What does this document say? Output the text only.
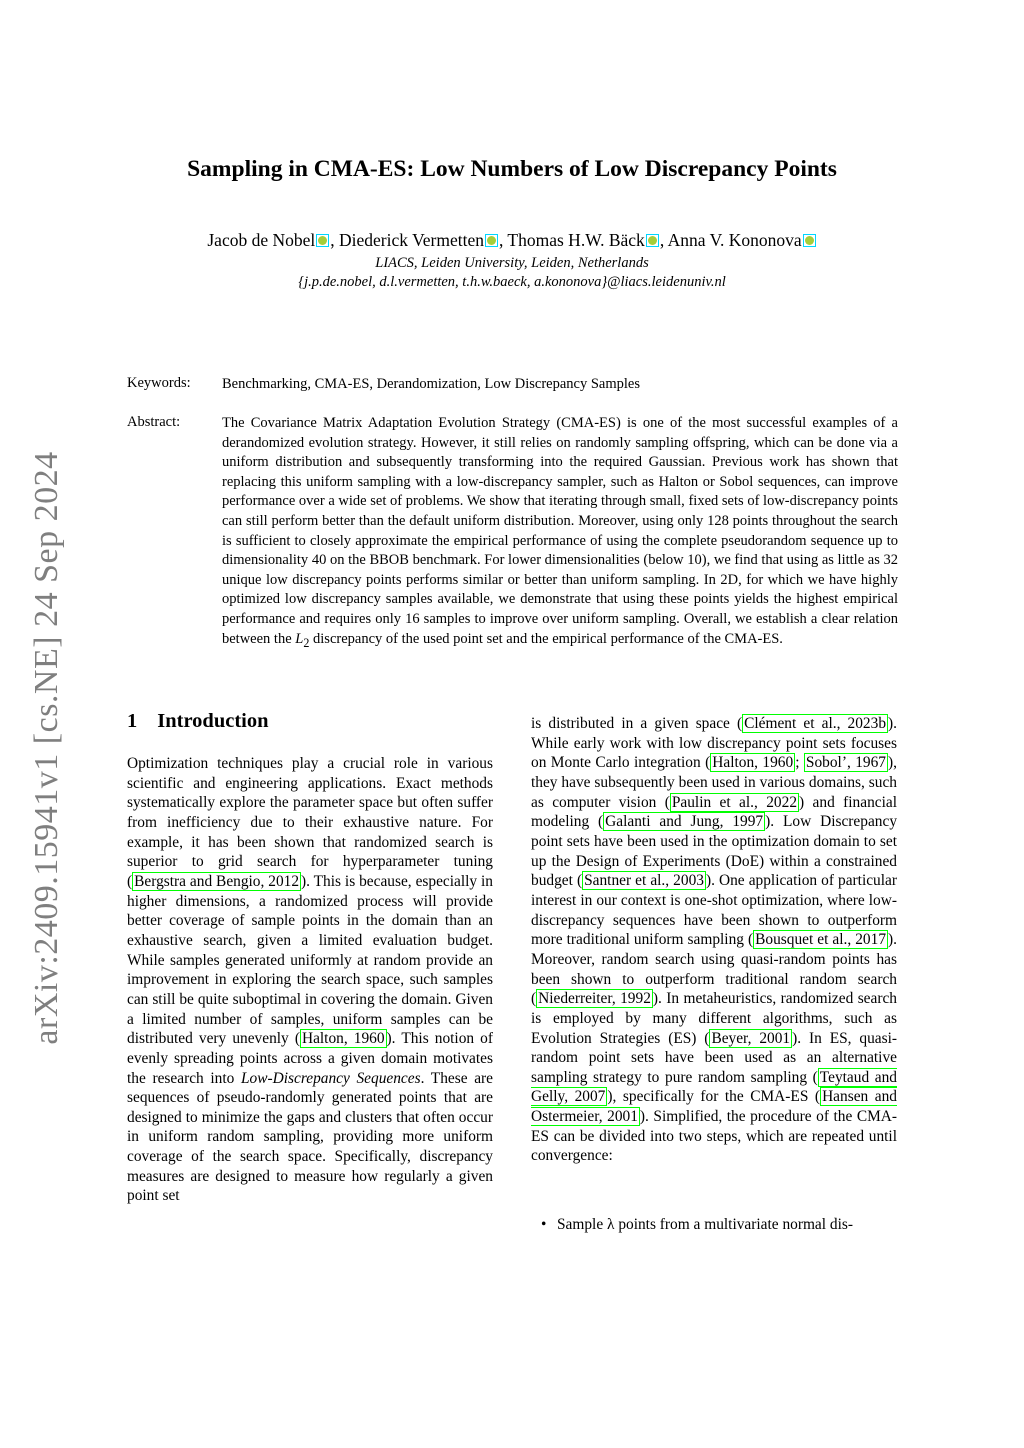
arXiv:2409.15941v1 [cs.NE] 24 Sep 2024
Sampling in CMA-ES: Low Numbers of Low Discrepancy Points
Jacob de Nobel , Diederick Vermetten , Thomas H.W. Bäck , Anna V. Kononova
LIACS, Leiden University, Leiden, Netherlands
{j.p.de.nobel, d.l.vermetten, t.h.w.baeck, a.kononova}@liacs.leidenuniv.nl
Keywords: Benchmarking, CMA-ES, Derandomization, Low Discrepancy Samples
Abstract:	The Covariance Matrix Adaptation Evolution Strategy (CMA-ES) is one of the most successful examples of a derandomized evolution strategy. However, it still relies on randomly sampling offspring, which can be done via a uniform distribution and subsequently transforming into the required Gaussian. Previous work has shown that replacing this uniform sampling with a low-discrepancy sampler, such as Halton or Sobol sequences, can improve performance over a wide set of problems. We show that iterating through small, fixed sets of low-discrepancy points can still perform better than the default uniform distribution. Moreover, using only 128 points throughout the search is sufficient to closely approximate the empirical performance of using the complete pseudorandom sequence up to dimensionality 40 on the BBOB benchmark. For lower dimensionalities (below 10), we find that using as little as 32 unique low discrepancy points performs similar or better than uniform sampling. In 2D, for which we have highly optimized low discrepancy samples available, we demonstrate that using these points yields the highest empirical performance and requires only 16 samples to improve over uniform sampling. Overall, we establish a clear relation between the $L_2$ discrepancy of the used point set and the empirical performance of the CMA-ES.
1 Introduction

Optimization techniques play a crucial role in various scientific and engineering applications. Exact methods systematically explore the parameter space but often suffer from inefficiency due to their exhaustive nature. For example, it has been shown that randomized search is superior to grid search for hyperparameter tuning ( Bergstra and Bengio, 2012 ). This is because, especially in higher dimensions, a randomized process will provide better coverage of sample points in the domain than an exhaustive search, given a limited evaluation budget. While samples generated uniformly at random provide an improvement in exploring the search space, such samples can still be quite suboptimal in covering the domain. Given a limited number of samples, uniform samples can be distributed very unevenly ( Halton, 1960 ). This notion of evenly spreading points across a given domain motivates the research into Low-Discrepancy Sequences. These are sequences of pseudo-randomly generated points that are designed to minimize the gaps and clusters that often occur in uniform random sampling, providing more uniform coverage of the search space. Specifically, discrepancy measures are designed to measure how regularly a given point set

is distributed in a given space ( Clément et al., 2023b ). While early work with low discrepancy point sets focuses on Monte Carlo integration ( Halton, 1960 ; Sobol’, 1967 ), they have subsequently been used in various domains, such as computer vision ( Paulin et al., 2022 ) and financial modeling ( Galanti and Jung, 1997 ). Low Discrepancy point sets have been used in the optimization domain to set up the Design of Experiments (DoE) within a constrained budget ( Santner et al., 2003 ). One application of particular interest in our context is one-shot optimization, where low-discrepancy sequences have been shown to outperform more traditional uniform sampling ( Bousquet et al., 2017 ). Moreover, random search using quasi-random points has been shown to outperform traditional random search ( Niederreiter, 1992 ). In metaheuristics, randomized search is employed by many different algorithms, such as Evolution Strategies (ES) ( Beyer, 2001 ). In ES, quasi-random point sets have been used as an alternative sampling strategy to pure random sampling ( Teytaud and Gelly, 2007 ), specifically for the CMA-ES ( Hansen and Ostermeier, 2001 ). Simplified, the procedure of the CMA-ES can be divided into two steps, which are repeated until convergence:

• Sample λ points from a multivariate normal dis-
